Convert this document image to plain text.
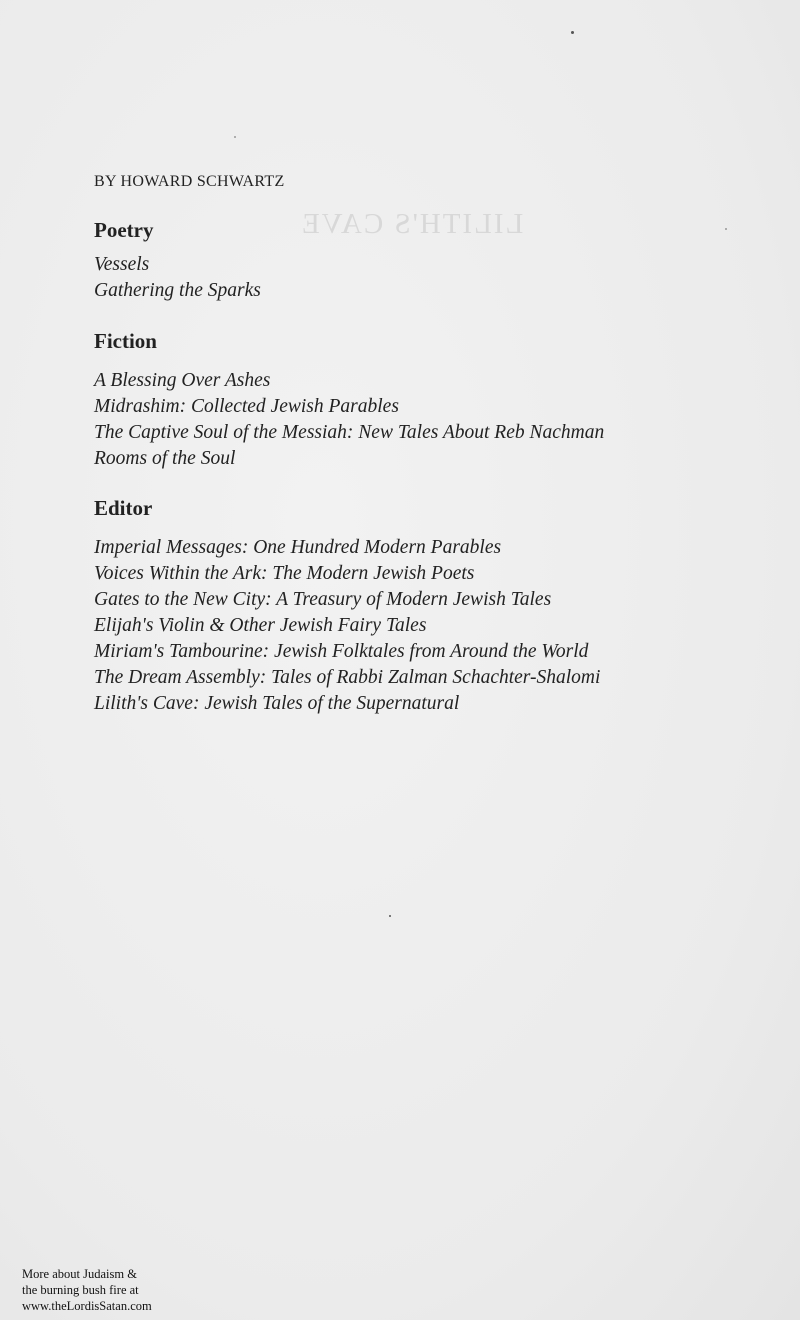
LILITH'S CAVE

BY HOWARD SCHWARTZ

Poetry
Vessels
Gathering the Sparks
Fiction
A Blessing Over Ashes
Midrashim: Collected Jewish Parables
The Captive Soul of the Messiah: New Tales About Reb Nachman
Rooms of the Soul
Editor
Imperial Messages: One Hundred Modern Parables
Voices Within the Ark: The Modern Jewish Poets
Gates to the New City: A Treasury of Modern Jewish Tales
Elijah's Violin & Other Jewish Fairy Tales
Miriam's Tambourine: Jewish Folktales from Around the World
The Dream Assembly: Tales of Rabbi Zalman Schachter-Shalomi
Lilith's Cave: Jewish Tales of the Supernatural
More about Judaism &
the burning bush fire at
www.theLordisSatan.com
